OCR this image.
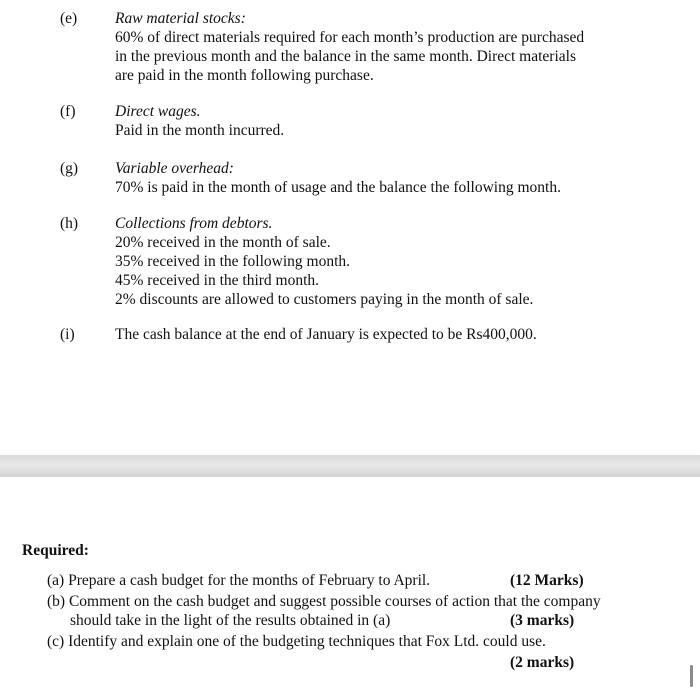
(e) Raw material stocks:
60% of direct materials required for each month’s production are purchased
in the previous month and the balance in the same month. Direct materials
are paid in the month following purchase.
(f)	Direct wages.
Paid in the month incurred.
(g) Variable overhead:
70% is paid in the month of usage and the balance the following month.
(h) Collections from debtors.
20% received in the month of sale.
35% received in the following month.
45% received in the third month.
2% discounts are allowed to customers paying in the month of sale.
(i)	The cash balance at the end of January is expected to be Rs400,000.
Required:
(a) Prepare a cash budget for the months of February to April.	(12 Marks)
(b) Comment on the cash budget and suggest possible courses of action that the company
should take in the light of the results obtained in (a)	(3 marks)
(c) Identify and explain one of the budgeting techniques that Fox Ltd. could use.
(2 marks)
